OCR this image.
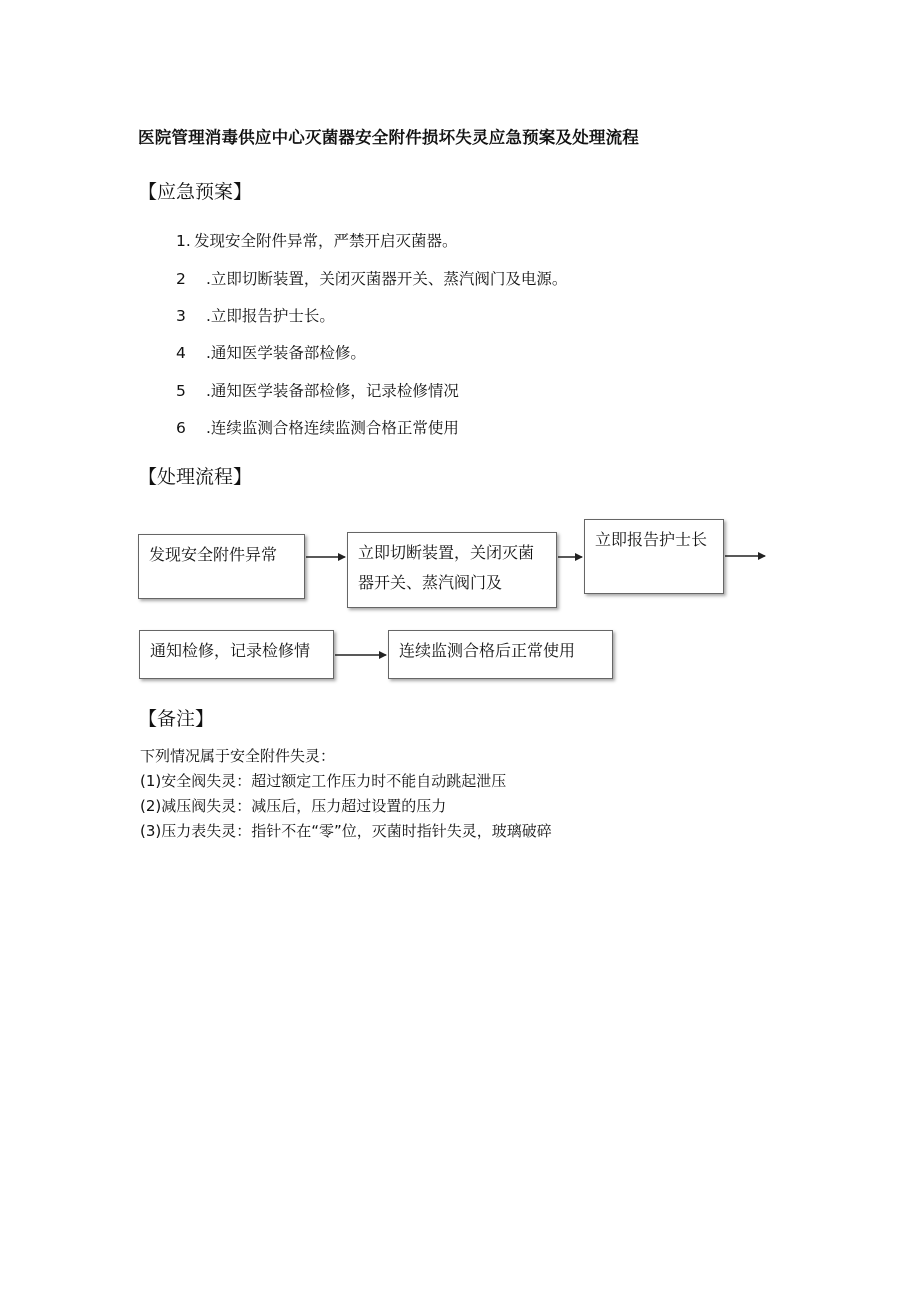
医院管理消毒供应中心灭菌器安全附件损坏失灵应急预案及处理流程
【应急预案】
1. 发现安全附件异常，严禁开启灭菌器。
2 .立即切断装置，关闭灭菌器开关、蒸汽阀门及电源。
3 .立即报告护士长。
4 .通知医学装备部检修。
5 .通知医学装备部检修，记录检修情况
6 .连续监测合格连续监测合格正常使用
【处理流程】
发现安全附件异常	立即切断装置，关闭灭菌器开关、蒸汽阀门及
立即报告护士长
通知检修，记录检修情	连续监测合格后正常使用
【备注】
下列情况属于安全附件失灵：
(1)安全阀失灵：超过额定工作压力时不能自动跳起泄压
(2)减压阀失灵：减压后，压力超过设置的压力
(3)压力表失灵：指针不在“零”位，灭菌时指针失灵，玻璃破碎
